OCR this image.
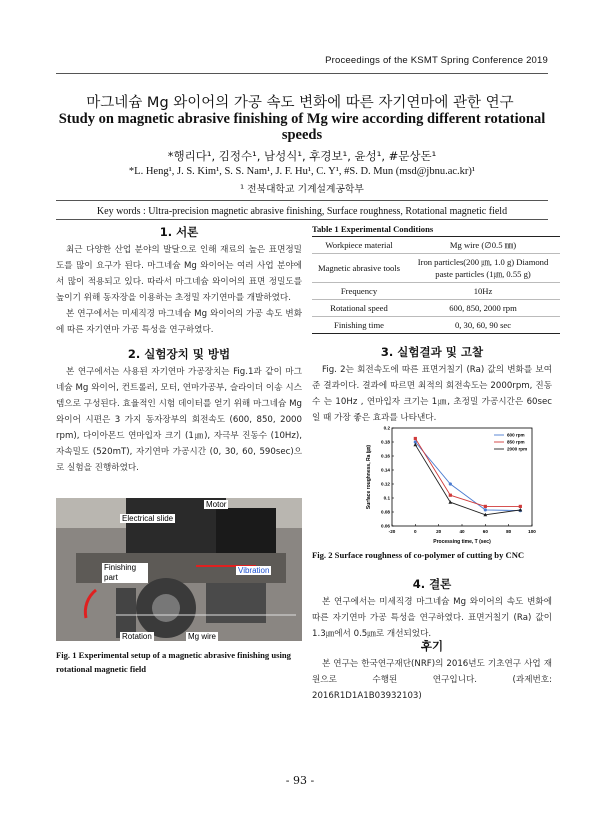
Proceedings of the KSMT Spring Conference 2019
마그네슘 Mg 와이어의 가공 속도 변화에 따른 자기연마에 관한 연구
Study on magnetic abrasive finishing of Mg wire according different rotational speeds
*행리다¹, 김정수¹, 남성식¹, 후경보¹, 윤성¹, #문상돈¹
*L. Heng¹, J. S. Kim¹, S. S. Nam¹, J. F. Hu¹, C. Y¹, #S. D. Mun (msd@jbnu.ac.kr)¹
¹ 전북대학교 기계설계공학부
Key words : Ultra-precision magnetic abrasive finishing, Surface roughness, Rotational magnetic field
1. 서론

최근 다양한 산업 분야의 발달으로 인해 재료의 높은 표면정밀도를 많이 요구가 된다. 마그네슘 Mg 와이어는 여러 사업 분야에서 많이 적용되고 있다. 따라서 마그네슘 와이어의 표면 정밀도를 높이기 위해 동자장을 이용하는 초정밀 자기연마를 개발하였다.

본 연구에서는 미세직경 마그네슘 Mg 와이어의 가공 속도 변화에 따른 자기연마 가공 특성을 연구하였다.

2. 실험장치 및 방법

본 연구에서는 사용된 자기연마 가공장치는 Fig.1과 같이 마그네슘 Mg 와이어, 컨트롤러, 모터, 연마가공부, 슬라이더 이송 시스템으로 구성된다. 효율적인 시험 데이터를 얻기 위해 마그네슘 Mg 와이어 시편은 3 가지 동자장부의 회전속도 (600, 850, 2000 rpm), 다이아몬드 연마입자 크기 (1㎛), 자극부 진동수 (10Hz), 자속밀도 (520mT), 자기연마 가공시간 (0, 30, 60, 590sec)으로 실험을 진행하였다.

Electrical slide
Motor
Finishing part
Vibration
Rotation	Mg wire
Fig. 1 Experimental setup of a magnetic abrasive finishing using rotational magnetic field
Table 1 Experimental Conditions
Workpiece material	Mg wire (∅0.5 ㎜)
Magnetic abrasive tools	Iron particles(200 ㎛, 1.0 g) Diamond paste particles (1㎛, 0.55 g)
Frequency	10Hz
Rotational speed	600, 850, 2000 rpm
Finishing time	0, 30, 60, 90 sec
3. 실험결과 및 고찰

Fig. 2는 회전속도에 따른 표면거칠기 (Ra) 값의 변화를 보여준 결과이다. 결과에 따르면 최적의 회전속도는 2000rpm, 진동수 는 10Hz , 연마입자 크기는 1㎛, 초정밀 가공시간은 60sec일 때 가장 좋은 효과를 나타낸다.

-20	0	20	40	60	80	100
0.06
0.08
0.1
0.12
0.14
0.16
0.18
0.2
Processing time, T (sec)
Surface roughness, Ra (㎛)
600 rpm
850 rpm
2000 rpm
Fig. 2 Surface roughness of co-polymer of cutting by CNC
4. 결론

본 연구에서는 미세직경 마그네슘 Mg 와이어의 속도 변화에 따른 자기연마 가공 특성을 연구하였다. 표면거칠기 (Ra) 값이 1.3㎛에서 0.5㎛로 개선되었다.

후기

본 연구는 한국연구재단(NRF)의 2016년도 기초연구 사업 재원으로 수행된 연구입니다. (과제번호: 2016R1D1A1B03932103)

- 93 -
